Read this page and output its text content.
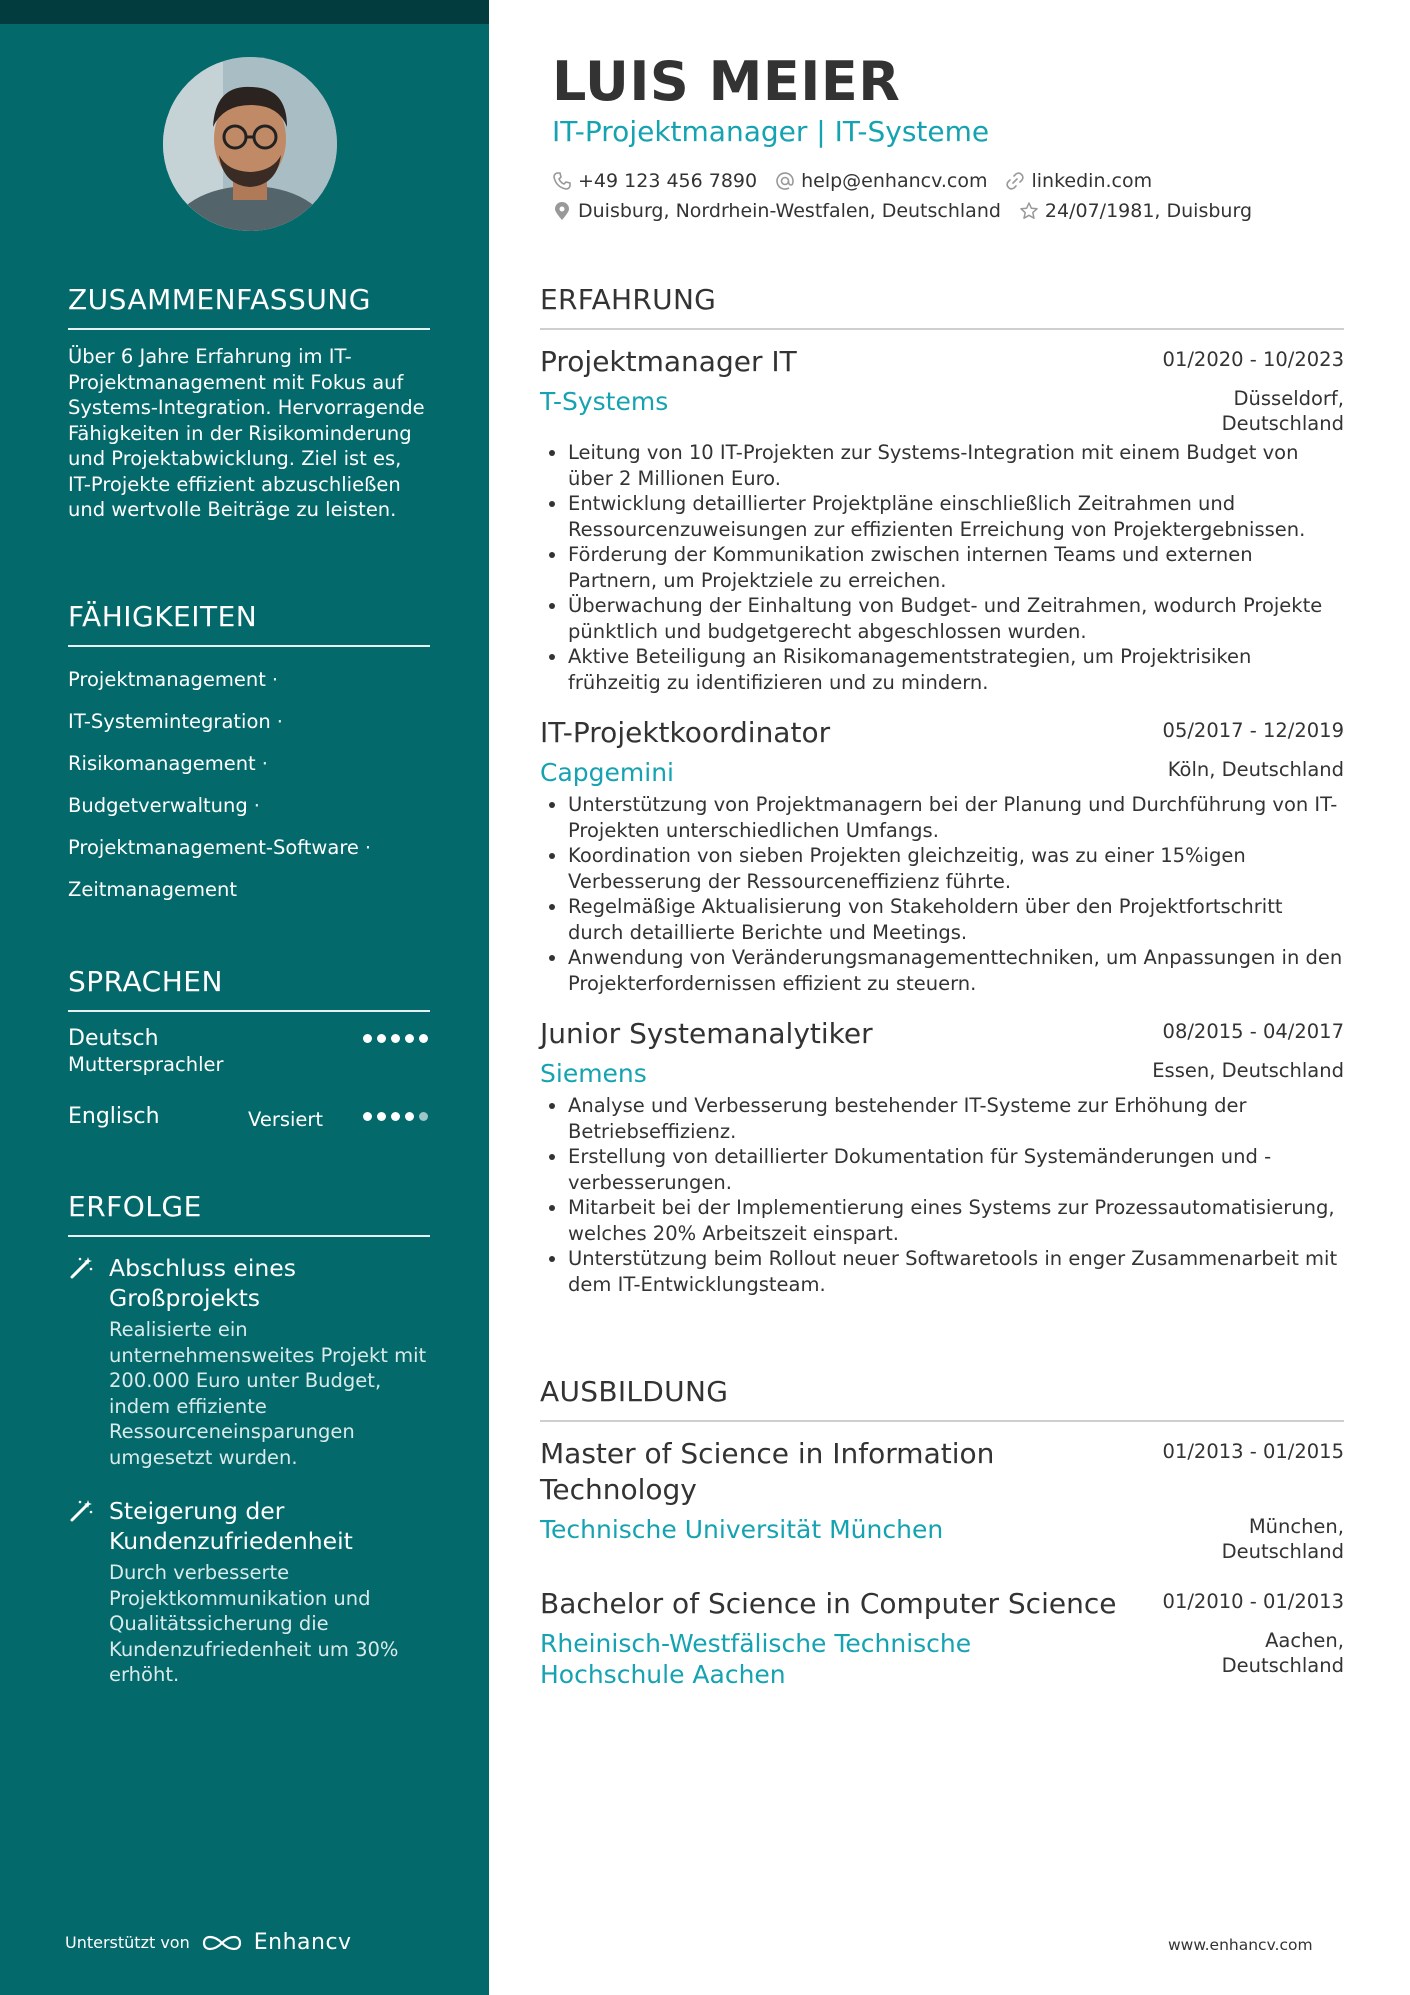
ZUSAMMENFASSUNG
Über 6 Jahre Erfahrung im IT-Projektmanagement mit Fokus auf Systems-Integration. Hervorragende Fähigkeiten in der Risikominderung und Projektabwicklung. Ziel ist es, IT-Projekte effizient abzuschließen und wertvolle Beiträge zu leisten.
FÄHIGKEITEN
Projektmanagement ·
IT-Systemintegration ·
Risikomanagement ·
Budgetverwaltung ·
Projektmanagement-Software ·
Zeitmanagement
SPRACHEN
Deutsch
Muttersprachler
Englisch	Versiert
ERFOLGE
Abschluss eines Großprojekts
Realisierte ein unternehmensweites Projekt mit 200.000 Euro unter Budget, indem effiziente Ressourceneinsparungen umgesetzt wurden.
Steigerung der Kundenzufriedenheit
Durch verbesserte Projektkommunikation und Qualitätssicherung die Kundenzufriedenheit um 30% erhöht.
Unterstützt von	Enhancv
LUIS MEIER
IT-Projektmanager | IT-Systeme
+49 123 456 7890 help@enhancv.com linkedin.com
Duisburg, Nordrhein-Westfalen, Deutschland 24/07/1981, Duisburg
ERFAHRUNG
Projektmanager IT	01/2020 - 10/2023
T-Systems	Düsseldorf, Deutschland
• Leitung von 10 IT-Projekten zur Systems-Integration mit einem Budget von über 2 Millionen Euro.
• Entwicklung detaillierter Projektpläne einschließlich Zeitrahmen und Ressourcenzuweisungen zur effizienten Erreichung von Projektergebnissen.
• Förderung der Kommunikation zwischen internen Teams und externen Partnern, um Projektziele zu erreichen.
• Überwachung der Einhaltung von Budget- und Zeitrahmen, wodurch Projekte pünktlich und budgetgerecht abgeschlossen wurden.
• Aktive Beteiligung an Risikomanagementstrategien, um Projektrisiken frühzeitig zu identifizieren und zu mindern.
IT-Projektkoordinator	05/2017 - 12/2019
Capgemini	Köln, Deutschland
• Unterstützung von Projektmanagern bei der Planung und Durchführung von IT-Projekten unterschiedlichen Umfangs.
• Koordination von sieben Projekten gleichzeitig, was zu einer 15%igen Verbesserung der Ressourceneffizienz führte.
• Regelmäßige Aktualisierung von Stakeholdern über den Projektfortschritt durch detaillierte Berichte und Meetings.
• Anwendung von Veränderungsmanagementtechniken, um Anpassungen in den Projekterfordernissen effizient zu steuern.
Junior Systemanalytiker	08/2015 - 04/2017
Siemens	Essen, Deutschland
• Analyse und Verbesserung bestehender IT-Systeme zur Erhöhung der Betriebseffizienz.
• Erstellung von detaillierter Dokumentation für Systemänderungen und -verbesserungen.
• Mitarbeit bei der Implementierung eines Systems zur Prozessautomatisierung, welches 20% Arbeitszeit einspart.
• Unterstützung beim Rollout neuer Softwaretools in enger Zusammenarbeit mit dem IT-Entwicklungsteam.
AUSBILDUNG
Master of Science in Information Technology
01/2013 - 01/2015
Technische Universität München	München, Deutschland
Bachelor of Science in Computer Science 01/2010 - 01/2013
Rheinisch-Westfälische Technische Hochschule Aachen
Aachen, Deutschland
www.enhancv.com
